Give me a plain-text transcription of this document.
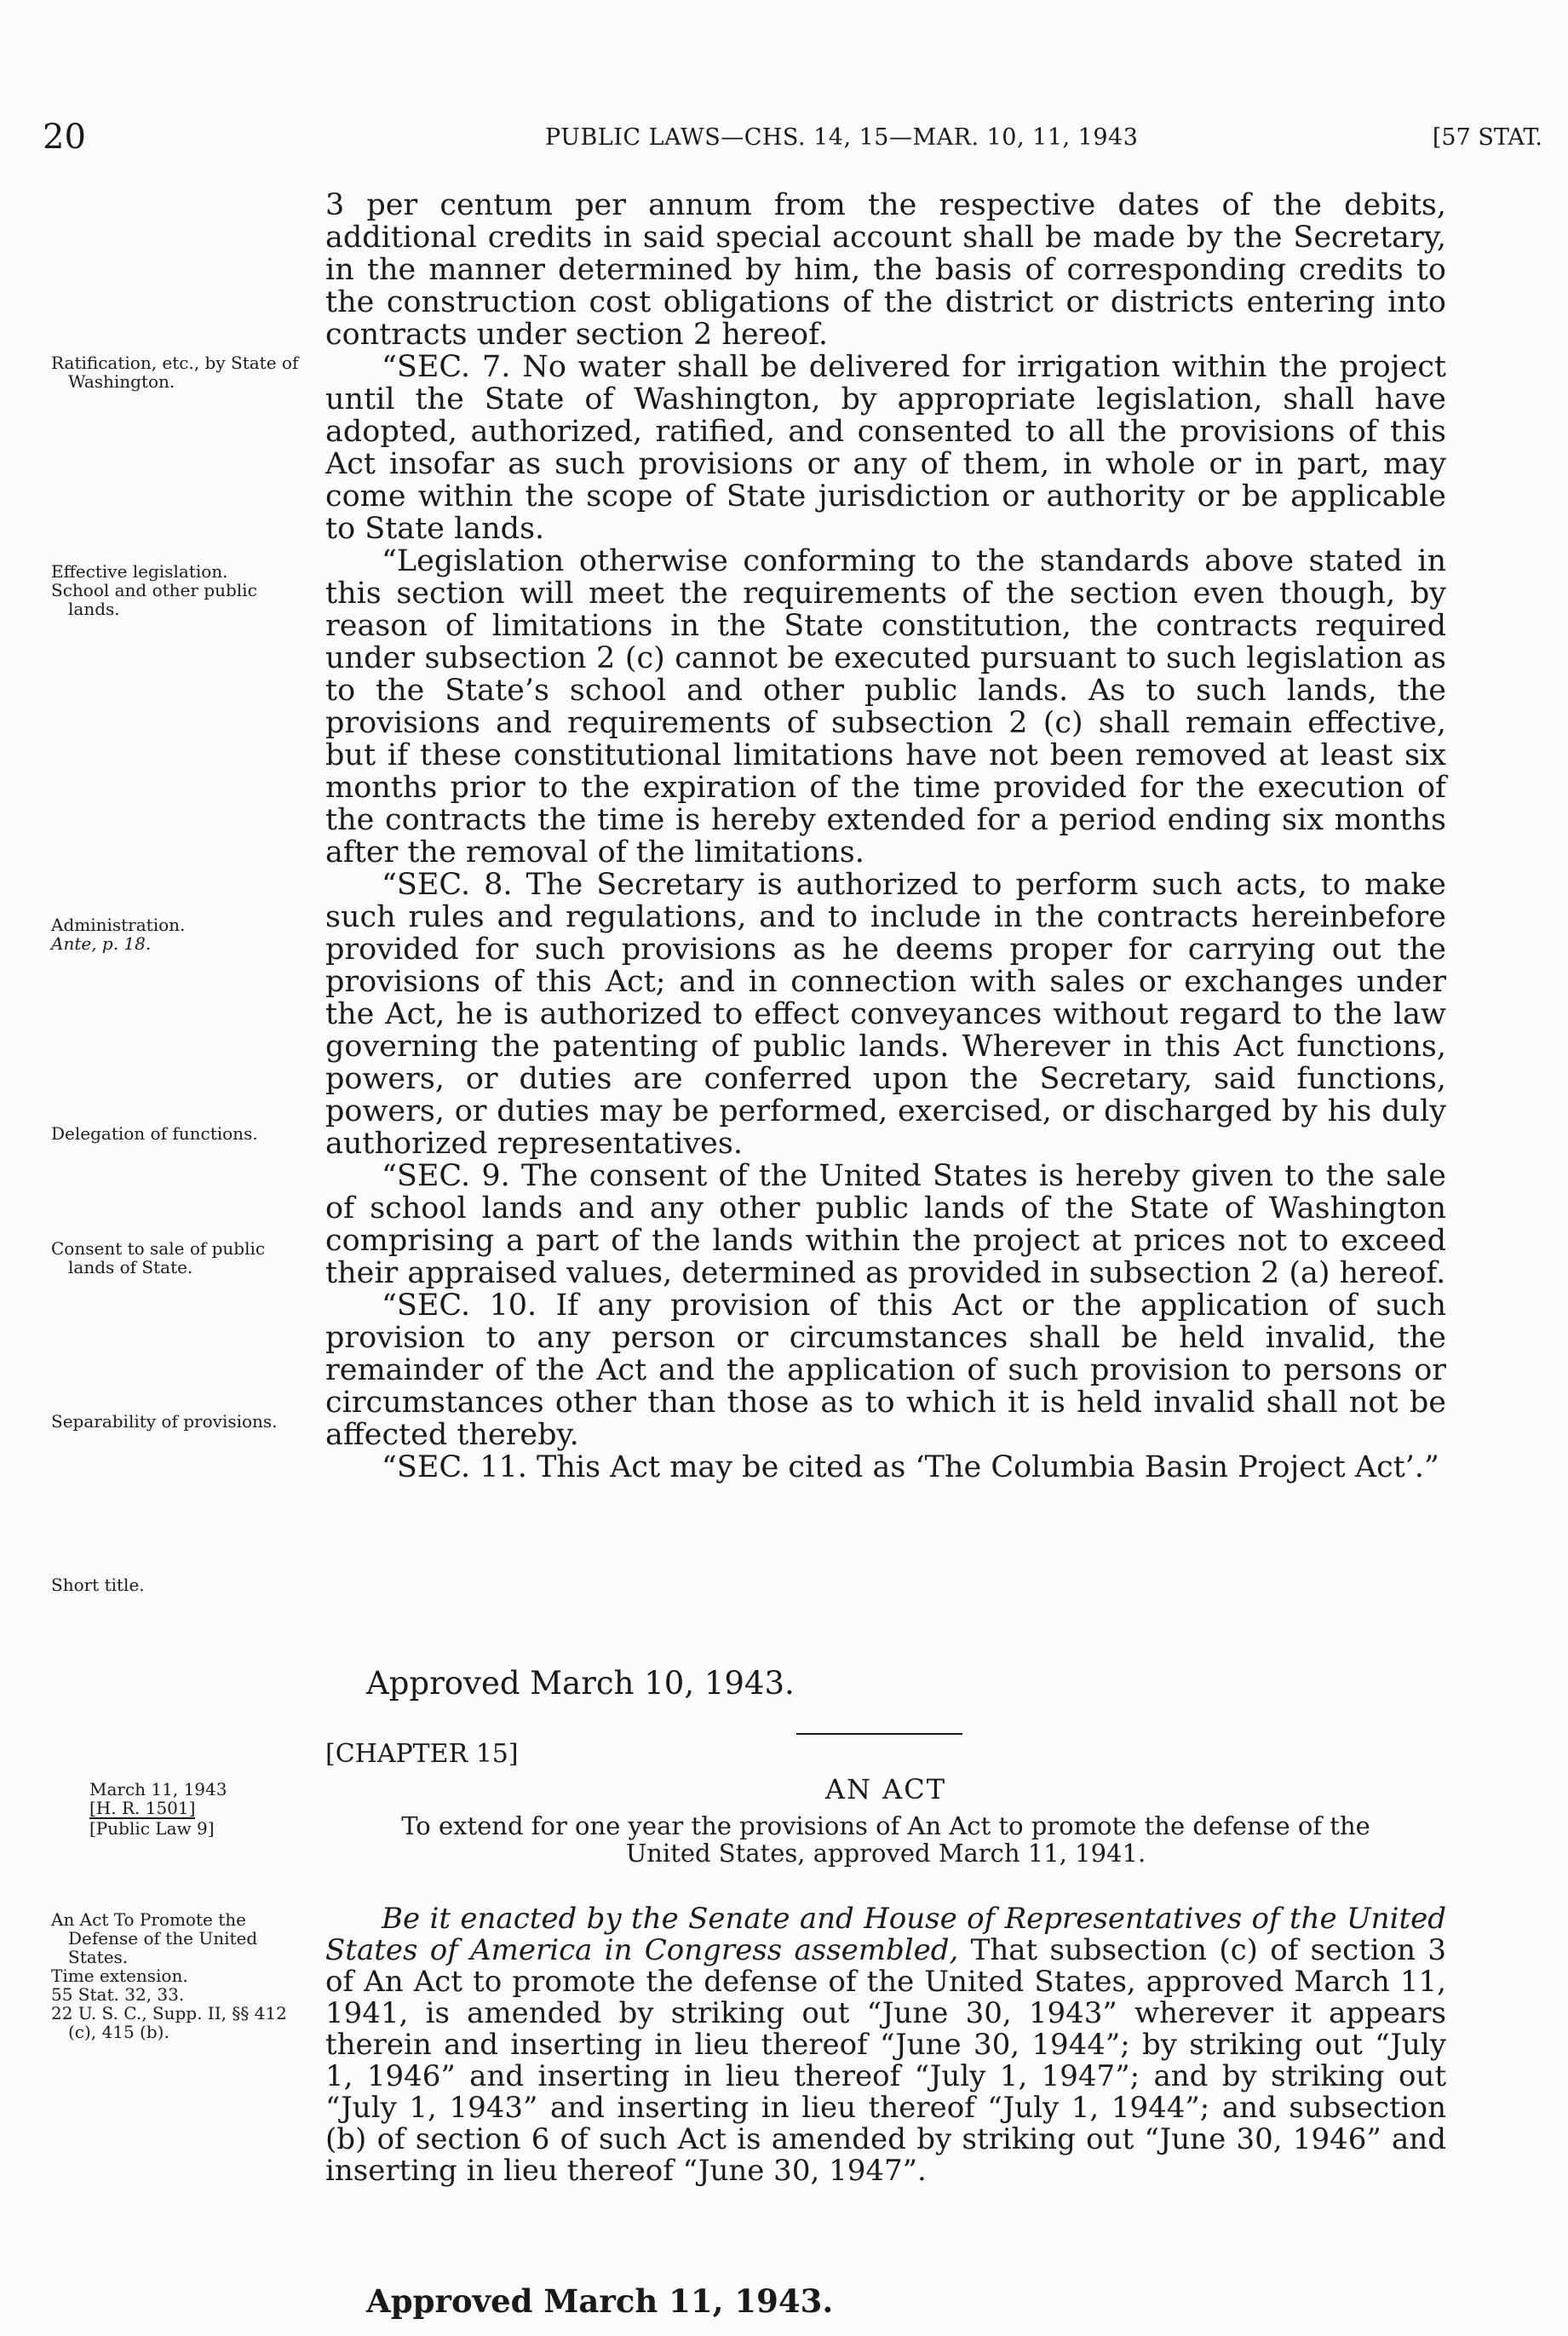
20	PUBLIC LAWS—CHS. 14, 15—MAR. 10, 11, 1943	[57 STAT.

Ratification, etc., by State of Washington.

Effective legislation.

School and other public lands.

Administration.

Ante, p. 18.

Delegation of functions.

Consent to sale of public lands of State.

Separability of provisions.

Short title.

3 per centum per annum from the respective dates of the debits, additional credits in said special account shall be made by the Secretary, in the manner determined by him, the basis of corresponding credits to the construction cost obligations of the district or districts entering into contracts under section 2 hereof.

“SEC. 7. No water shall be delivered for irrigation within the project until the State of Washington, by appropriate legislation, shall have adopted, authorized, ratified, and consented to all the provisions of this Act insofar as such provisions or any of them, in whole or in part, may come within the scope of State jurisdiction or authority or be applicable to State lands.

“Legislation otherwise conforming to the standards above stated in this section will meet the requirements of the section even though, by reason of limitations in the State constitution, the contracts required under subsection 2 (c) cannot be executed pursuant to such legislation as to the State’s school and other public lands. As to such lands, the provisions and requirements of subsection 2 (c) shall remain effective, but if these constitutional limitations have not been removed at least six months prior to the expiration of the time provided for the execution of the contracts the time is hereby extended for a period ending six months after the removal of the limitations.

“SEC. 8. The Secretary is authorized to perform such acts, to make such rules and regulations, and to include in the contracts hereinbefore provided for such provisions as he deems proper for carrying out the provisions of this Act; and in connection with sales or exchanges under the Act, he is authorized to effect conveyances without regard to the law governing the patenting of public lands. Wherever in this Act functions, powers, or duties are conferred upon the Secretary, said functions, powers, or duties may be performed, exercised, or discharged by his duly authorized representatives.

“SEC. 9. The consent of the United States is hereby given to the sale of school lands and any other public lands of the State of Washington comprising a part of the lands within the project at prices not to exceed their appraised values, determined as provided in subsection 2 (a) hereof.

“SEC. 10. If any provision of this Act or the application of such provision to any person or circumstances shall be held invalid, the remainder of the Act and the application of such provision to persons or circumstances other than those as to which it is held invalid shall not be affected thereby.

“SEC. 11. This Act may be cited as ‘The Columbia Basin Project Act’.”

Approved March 10, 1943.
[CHAPTER 15]
AN ACT
To extend for one year the provisions of An Act to promote the defense of the United States, approved March 11, 1941.

March 11, 1943

[H. R. 1501]

[Public Law 9]

An Act To Promote the Defense of the United States.

Time extension.

55 Stat. 32, 33.

22 U. S. C., Supp. II, §§ 412 (c), 415 (b).

Be it enacted by the Senate and House of Representatives of the United States of America in Congress assembled, That subsection (c) of section 3 of An Act to promote the defense of the United States, approved March 11, 1941, is amended by striking out “June 30, 1943” wherever it appears therein and inserting in lieu thereof “June 30, 1944”; by striking out “July 1, 1946” and inserting in lieu thereof “July 1, 1947”; and by striking out “July 1, 1943” and inserting in lieu thereof “July 1, 1944”; and subsection (b) of section 6 of such Act is amended by striking out “June 30, 1946” and inserting in lieu thereof “June 30, 1947”.

Approved March 11, 1943.
